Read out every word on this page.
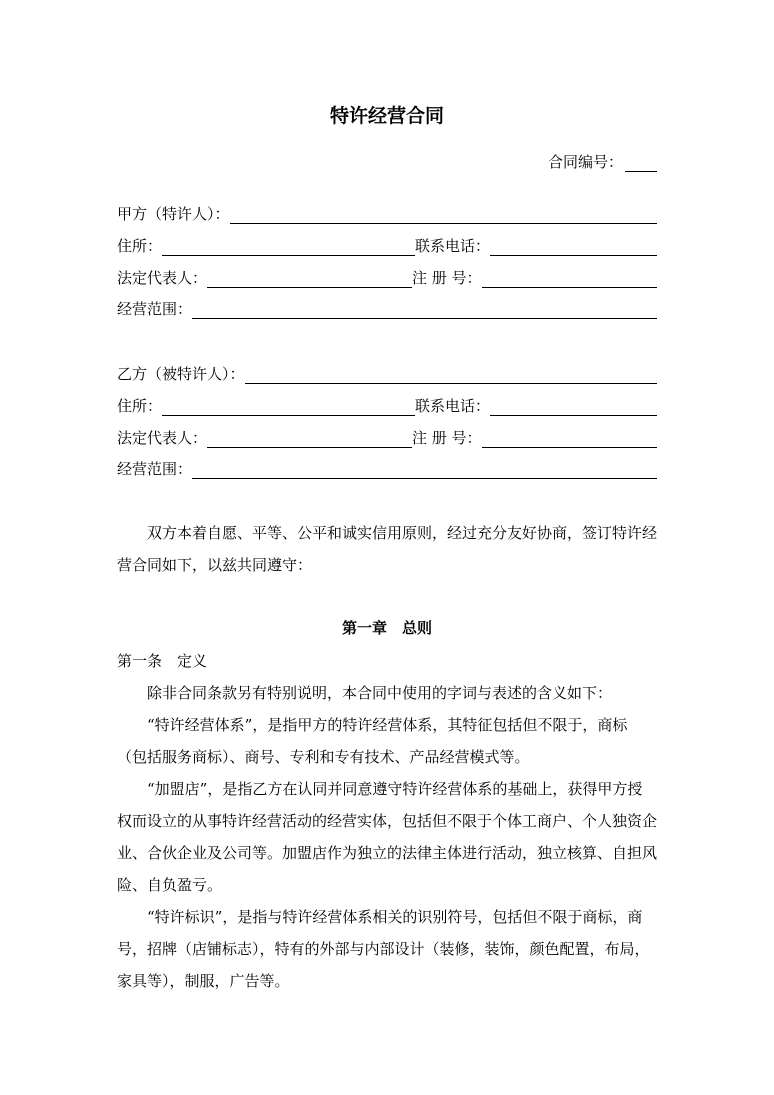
特许经营合同
合同编号：
甲方（特许人）：
住所：	联系电话：
法定代表人：	注 册 号：
经营范围：
乙方（被特许人）：
住所：	联系电话：
法定代表人：	注 册 号：
经营范围：

双方本着自愿、平等、公平和诚实信用原则，经过充分友好协商，签订特许经营合同如下，以兹共同遵守：

第一章　总则
第一条　定义

除非合同条款另有特别说明，本合同中使用的字词与表述的含义如下：

“特许经营体系”，是指甲方的特许经营体系，其特征包括但不限于，商标（包括服务商标）、商号、专利和专有技术、产品经营模式等。

“加盟店”，是指乙方在认同并同意遵守特许经营体系的基础上，获得甲方授权而设立的从事特许经营活动的经营实体，包括但不限于个体工商户、个人独资企业、合伙企业及公司等。加盟店作为独立的法律主体进行活动，独立核算、自担风险、自负盈亏。

“特许标识”，是指与特许经营体系相关的识别符号，包括但不限于商标，商号，招牌（店铺标志），特有的外部与内部设计（装修，装饰，颜色配置，布局，家具等），制服，广告等。
